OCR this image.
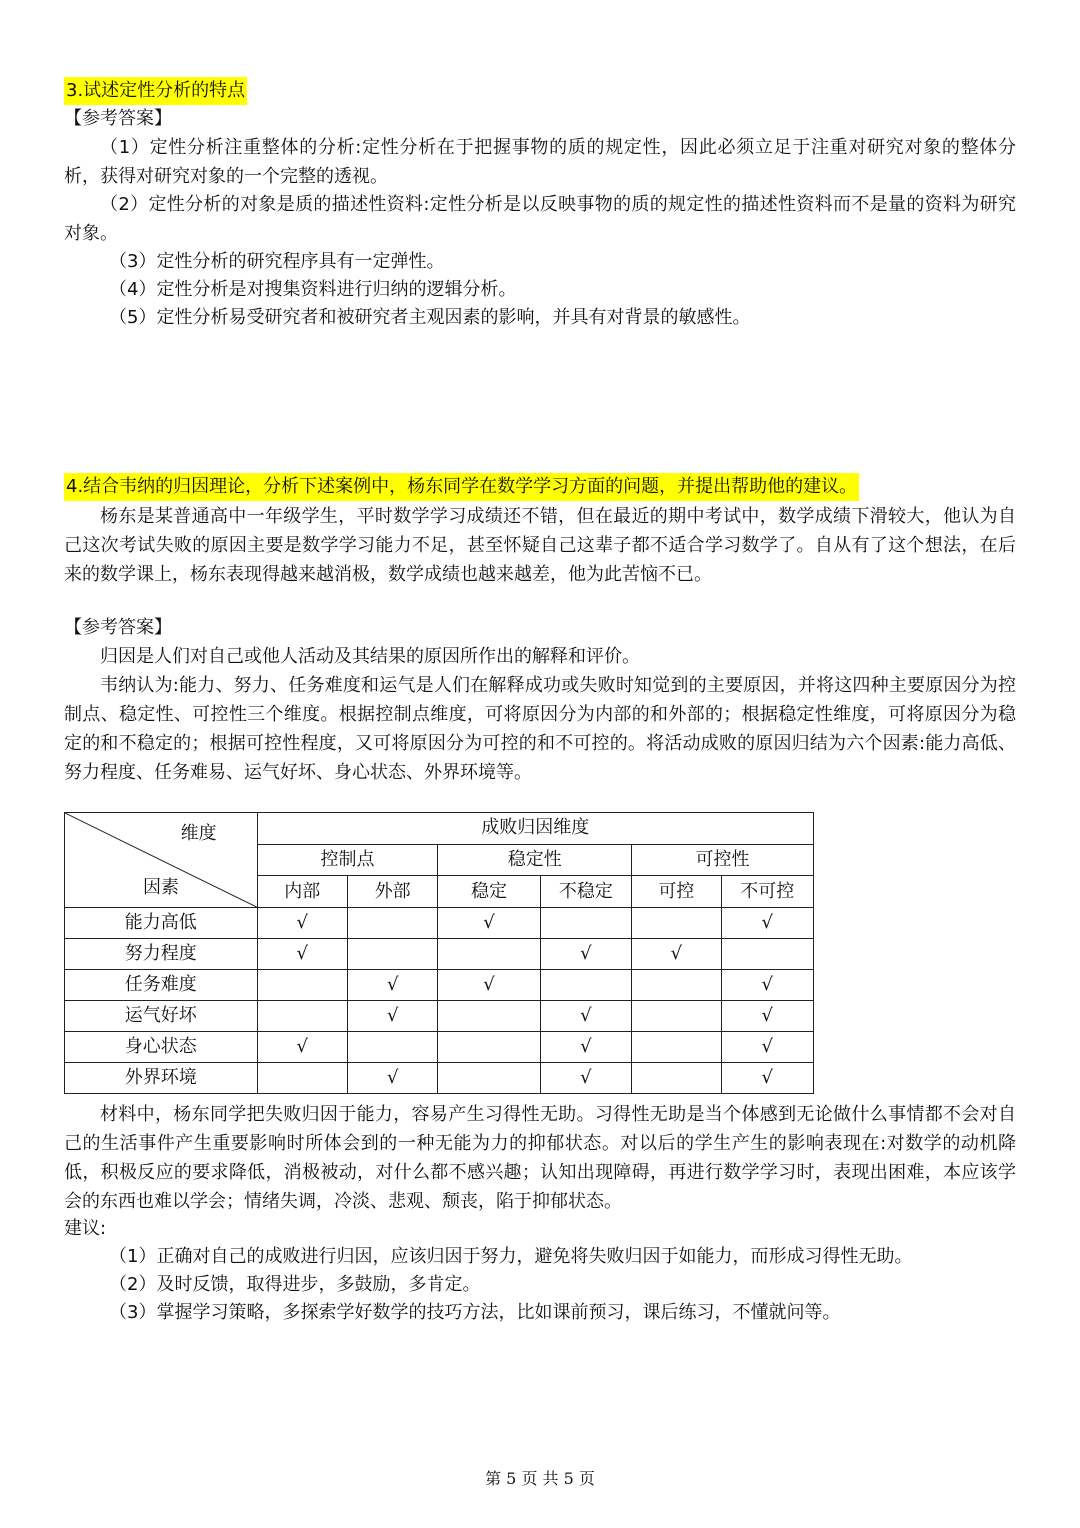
3.试述定性分析的特点
【参考答案】

（1）定性分析注重整体的分析:定性分析在于把握事物的质的规定性，因此必须立足于注重对研究对象的整体分析，获得对研究对象的一个完整的透视。

（2）定性分析的对象是质的描述性资料:定性分析是以反映事物的质的规定性的描述性资料而不是量的资料为研究对象。

（3）定性分析的研究程序具有一定弹性。
（4）定性分析是对搜集资料进行归纳的逻辑分析。
（5）定性分析易受研究者和被研究者主观因素的影响，并具有对背景的敏感性。
4.结合韦纳的归因理论，分析下述案例中，杨东同学在数学学习方面的问题，并提出帮助他的建议。

杨东是某普通高中一年级学生，平时数学学习成绩还不错，但在最近的期中考试中，数学成绩下滑较大，他认为自己这次考试失败的原因主要是数学学习能力不足，甚至怀疑自己这辈子都不适合学习数学了。自从有了这个想法，在后来的数学课上，杨东表现得越来越消极，数学成绩也越来越差，他为此苦恼不已。

【参考答案】

归因是人们对自己或他人活动及其结果的原因所作出的解释和评价。

韦纳认为:能力、努力、任务难度和运气是人们在解释成功或失败时知觉到的主要原因，并将这四种主要原因分为控制点、稳定性、可控性三个维度。根据控制点维度，可将原因分为内部的和外部的；根据稳定性维度，可将原因分为稳定的和不稳定的；根据可控性程度，又可将原因分为可控的和不可控的。将活动成败的原因归结为六个因素:能力高低、努力程度、任务难易、运气好坏、身心状态、外界环境等。

维度
因素	成败归因维度					
	控制点		稳定性		可控性	
	内部	外部	稳定	不稳定	可控	不可控
能力高低	√		√			√
努力程度	√			√	√	
任务难度		√	√			√
运气好坏		√		√		√
身心状态	√			√		√
外界环境		√		√		√

材料中，杨东同学把失败归因于能力，容易产生习得性无助。习得性无助是当个体感到无论做什么事情都不会对自己的生活事件产生重要影响时所体会到的一种无能为力的抑郁状态。对以后的学生产生的影响表现在:对数学的动机降低，积极反应的要求降低，消极被动，对什么都不感兴趣；认知出现障碍，再进行数学学习时，表现出困难，本应该学会的东西也难以学会；情绪失调，冷淡、悲观、颓丧，陷于抑郁状态。

建议:
（1）正确对自己的成败进行归因，应该归因于努力，避免将失败归因于如能力，而形成习得性无助。
（2）及时反馈，取得进步，多鼓励，多肯定。
（3）掌握学习策略，多探索学好数学的技巧方法，比如课前预习，课后练习，不懂就问等。
第 5 页 共 5 页
